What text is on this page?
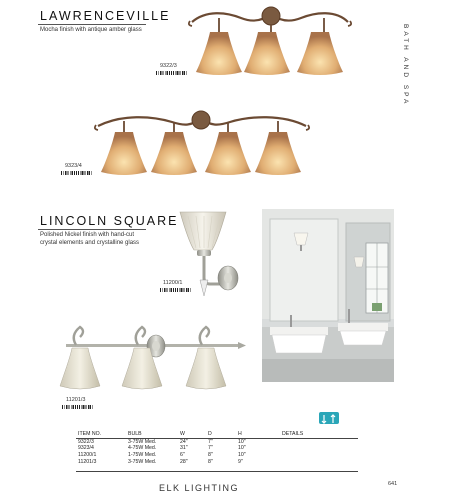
BATH AND SPA
LAWRENCEVILLE
Mocha finish with antique amber glass
9322/3
9323/4
LINCOLN SQUARE
Polished Nickel finish with hand-cut crystal elements and crystalline glass
11200/1
11201/3
ITEM NO.	BULB	W	D	H	DETAILS
9322/3	3-75W Med.	24"	7"	10"	
9323/4	4-75W Med.	31"	7"	10"	
11200/1	1-75W Med.	6"	8"	10"	
11201/3	3-75W Med.	28"	8"	9"	
ELK LIGHTING	641
